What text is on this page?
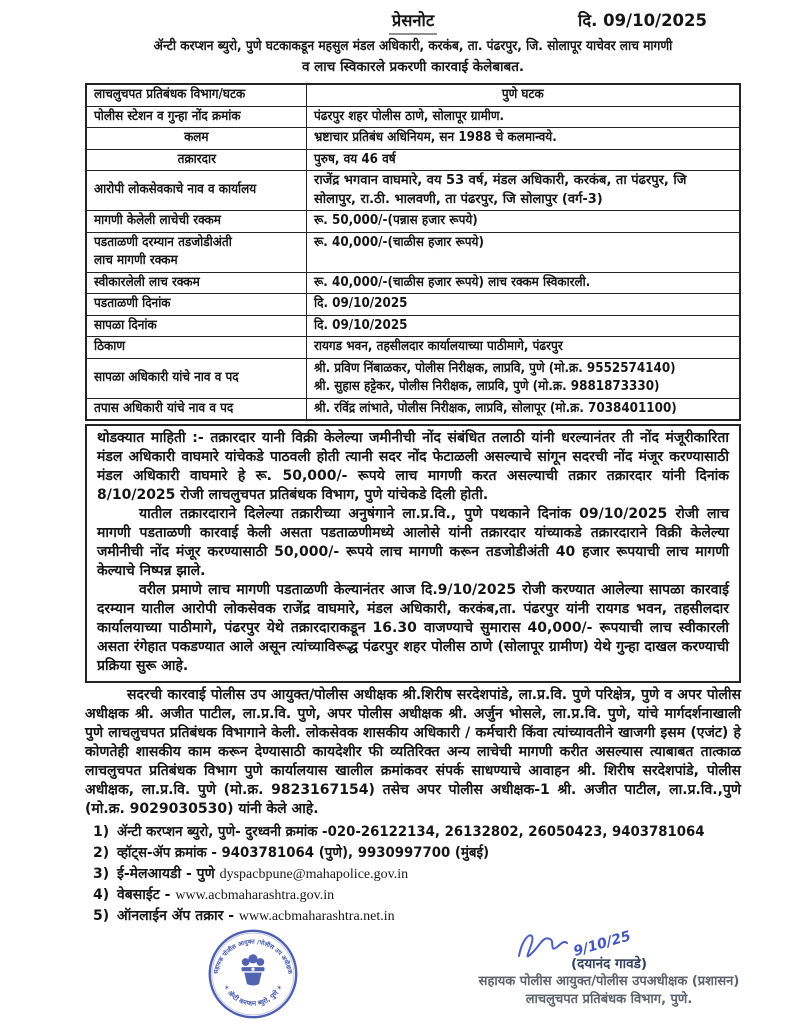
प्रेसनोट	दि. 09/10/2025
ॲन्टी करप्शन ब्युरो, पुणे घटकाकडून महसुल मंडल अधिकारी, करकंब, ता. पंढरपुर, जि. सोलापूर याचेवर लाच मागणी
व लाच स्विकारले प्रकरणी कारवाई केलेबाबत.
लाचलुचपत प्रतिबंधक विभाग/घटक	पुणे घटक
पोलीस स्टेशन व गुन्हा नोंद क्रमांक	पंढरपुर शहर पोलीस ठाणे, सोलापूर ग्रामीण.
कलम	भ्रष्टाचार प्रतिबंध अधिनियम, सन 1988 चे कलमान्वये.
तक्रारदार	पुरुष, वय 46 वर्ष
आरोपी लोकसेवकाचे नाव व कार्यालय	राजेंद्र भगवान वाघमारे, वय 53 वर्ष, मंडल अधिकारी, करकंब, ता पंढरपुर, जि सोलापुर, रा.ठी. भालवणी, ता पंढरपुर, जि सोलापुर (वर्ग-3)
मागणी केलेली लाचेची रक्कम	रू. 50,000/-(पन्नास हजार रूपये)

पडताळणी दरम्यान तडजोडीअंती
लाच मागणी रक्कम	रू. 40,000/-(चाळीस हजार रूपये)
स्वीकारलेली लाच रक्कम	रू. 40,000/-(चाळीस हजार रूपये) लाच रक्कम स्विकारली.
पडताळणी दिनांक	दि. 09/10/2025
सापळा दिनांक	दि. 09/10/2025
ठिकाण	रायगड भवन, तहसीलदार कार्यालयाच्या पाठीमागे, पंढरपुर
सापळा अधिकारी यांचे नाव व पद	श्री. प्रविण निंबाळकर, पोलीस निरीक्षक, लाप्रवि, पुणे (मो.क्र. 9552574140)
श्री. सुहास हट्टेकर, पोलीस निरीक्षक, लाप्रवि, पुणे (मो.क्र. 9881873330)

तपास अधिकारी यांचे नाव व पद	श्री. रविंद्र लांभाते, पोलीस निरीक्षक, लाप्रवि, सोलापूर (मो.क्र. 7038401100)

थोडक्यात माहिती :- तक्रारदार यानी विक्री केलेल्या जमीनीची नोंद संबंधित तलाठी यांनी धरल्यानंतर ती नोंद मंजूरीकारिता मंडल अधिकारी वाघमारे यांचेकडे पाठवली होती त्यानी सदर नोंद फेटाळली असल्याचे सांगून सदरची नोंद मंजूर करण्यासाठी मंडल अधिकारी वाघमारे हे रू. 50,000/- रूपये लाच मागणी करत असल्याची तक्रार तक्रारदार यांनी दिनांक 8/10/2025 रोजी लाचलुचपत प्रतिबंधक विभाग, पुणे यांचेकडे दिली होती.

यातील तक्रारदाराने दिलेल्या तक्रारीच्या अनुषंगाने ला.प्र.वि., पुणे पथकाने दिनांक 09/10/2025 रोजी लाच मागणी पडताळणी कारवाई केली असता पडताळणीमध्ये आलोसे यांनी तक्रारदार यांच्याकडे तक्रारदाराने विक्री केलेल्या जमीनीची नोंद मंजूर करण्यासाठी 50,000/- रूपये लाच मागणी करून तडजोडीअंती 40 हजार रूपयाची लाच मागणी केल्याचे निष्पन्न झाले.

वरील प्रमाणे लाच मागणी पडताळणी केल्यानंतर आज दि.9/10/2025 रोजी करण्यात आलेल्या सापळा कारवाई दरम्यान यातील आरोपी लोकसेवक राजेंद्र वाघमारे, मंडल अधिकारी, करकंब,ता. पंढरपुर यांनी रायगड भवन, तहसीलदार कार्यालयाच्या पाठीमागे, पंढरपुर येथे तक्रारदाराकडून 16.30 वाजण्याचे सुमारास 40,000/- रूपयाची लाच स्वीकारली असता रंगेहात पकडण्यात आले असून त्यांच्याविरूद्ध पंढरपुर शहर पोलीस ठाणे (सोलापूर ग्रामीण) येथे गुन्हा दाखल करण्याची प्रक्रिया सुरू आहे.

सदरची कारवाई पोलीस उप आयुक्त/पोलीस अधीक्षक श्री.शिरीष सरदेशपांडे, ला.प्र.वि. पुणे परिक्षेत्र, पुणे व अपर पोलीस अधीक्षक श्री. अजीत पाटील, ला.प्र.वि. पुणे, अपर पोलीस अधीक्षक श्री. अर्जुन भोसले, ला.प्र.वि. पुणे, यांचे मार्गदर्शनाखाली पुणे लाचलुचपत प्रतिबंधक विभागाने केली. लोकसेवक शासकीय अधिकारी / कर्मचारी किंवा त्यांच्यावतीने खाजगी इसम (एजंट) हे कोणतेही शासकीय काम करून देण्यासाठी कायदेशीर फी व्यतिरिक्त अन्य लाचेची मागणी करीत असल्यास त्याबाबत तात्काळ लाचलुचपत प्रतिबंधक विभाग पुणे कार्यालयास खालील क्रमांकवर संपर्क साधण्याचे आवाहन श्री. शिरीष सरदेशपांडे, पोलीस अधीक्षक, ला.प्र.वि. पुणे (मो.क्र. 9823167154) तसेच अपर पोलीस अधीक्षक-1 श्री. अजीत पाटील, ला.प्र.वि.,पुणे (मो.क्र. 9029030530) यांनी केले आहे.

1) ॲन्टी करप्शन ब्युरो, पुणे- दुरध्वनी क्रमांक -020-26122134, 26132802, 26050423, 9403781064
2) व्हॉट्स-ॲप क्रमांक - 9403781064 (पुणे), 9930997700 (मुंबई)
3) ई-मेलआयडी - पुणे dyspacbpune@mahapolice.gov.in
4) वेबसाईट - www.acbmaharashtra.gov.in
5) ऑनलाईन ॲप तक्रार - www.acbmaharashtra.net.in
सहायक पोलीस आयुक्त /पोलीस उप अधीक्षक
✶ ॲन्टी करप्शन ब्युरो, पुणे ✶
9/10/25
(दयानंद गावडे)
सहायक पोलीस आयुक्त/पोलीस उपअधीक्षक (प्रशासन)
लाचलुचपत प्रतिबंधक विभाग, पुणे.
